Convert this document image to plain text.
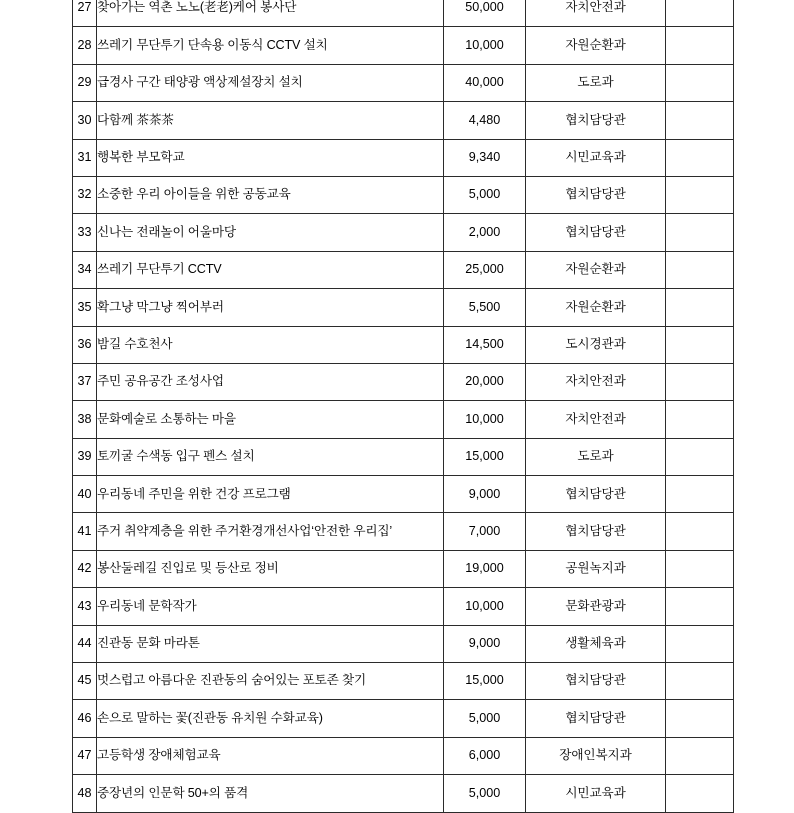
27	찾아가는 역촌 노노(老老)케어 봉사단	50,000	자치안전과	
28	쓰레기 무단투기 단속용 이동식 CCTV 설치	10,000	자원순환과	
29	급경사 구간 태양광 액상제설장치 설치	40,000	도로과	
30	다함께 茶茶茶	4,480	협치담당관	
31	행복한 부모학교	9,340	시민교육과	
32	소중한 우리 아이들을 위한 공동교육	5,000	협치담당관	
33	신나는 전래놀이 어울마당	2,000	협치담당관	
34	쓰레기 무단투기 CCTV	25,000	자원순환과	
35	확그냥 막그냥 찍어부러	5,500	자원순환과	
36	밤길 수호천사	14,500	도시경관과	
37	주민 공유공간 조성사업	20,000	자치안전과	
38	문화예술로 소통하는 마을	10,000	자치안전과	
39	토끼굴 수색동 입구 펜스 설치	15,000	도로과	
40	우리동네 주민을 위한 건강 프로그램	9,000	협치담당관	
41	주거 취약계층을 위한 주거환경개선사업‘안전한 우리집’	7,000	협치담당관	
42	봉산둘레길 진입로 및 등산로 정비	19,000	공원녹지과	
43	우리동네 문학작가	10,000	문화관광과	
44	진관동 문화 마라톤	9,000	생활체육과	
45	멋스럽고 아름다운 진관동의 숨어있는 포토존 찾기	15,000	협치담당관	
46	손으로 말하는 꽃(진관동 유치원 수화교육)	5,000	협치담당관	
47	고등학생 장애체험교육	6,000	장애인복지과	
48	중장년의 인문학 50+의 품격	5,000	시민교육과	
